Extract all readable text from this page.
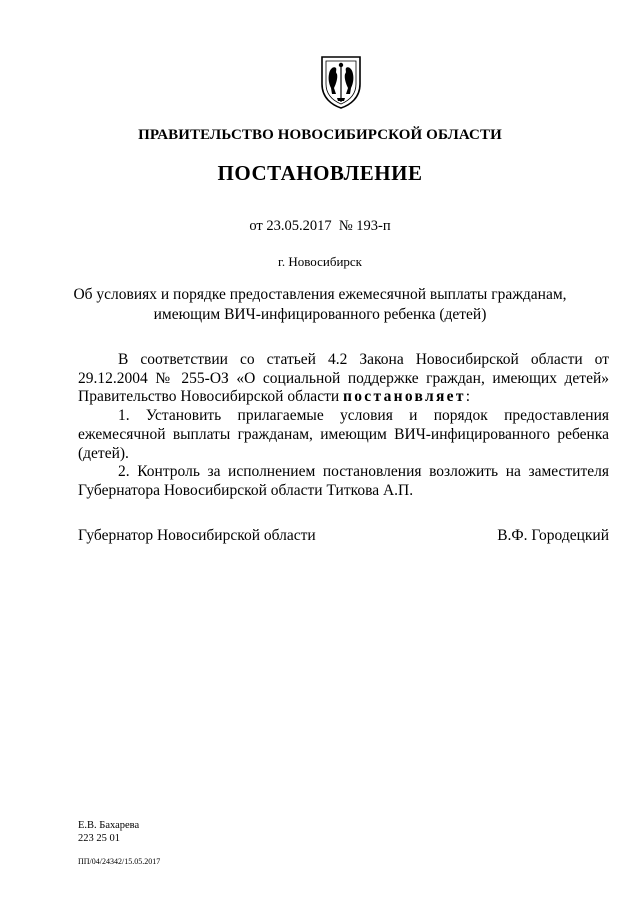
ПРАВИТЕЛЬСТВО НОВОСИБИРСКОЙ ОБЛАСТИ
ПОСТАНОВЛЕНИЕ
от 23.05.2017  № 193-п
г. Новосибирск
Об условиях и порядке предоставления ежемесячной выплаты гражданам,
имеющим ВИЧ-инфицированного ребенка (детей)

В соответствии со статьей 4.2 Закона Новосибирской области от 29.12.2004 № 255-ОЗ «О социальной поддержке граждан, имеющих детей» Правительство Новосибирской области постановляет:

1. Установить прилагаемые условия и порядок предоставления ежемесячной выплаты гражданам, имеющим ВИЧ-инфицированного ребенка (детей).

2. Контроль за исполнением постановления возложить на заместителя Губернатора Новосибирской области Титкова А.П.

Губернатор Новосибирской области	В.Ф. Городецкий
Е.В. Бахарева
223 25 01
ПП/04/24342/15.05.2017
